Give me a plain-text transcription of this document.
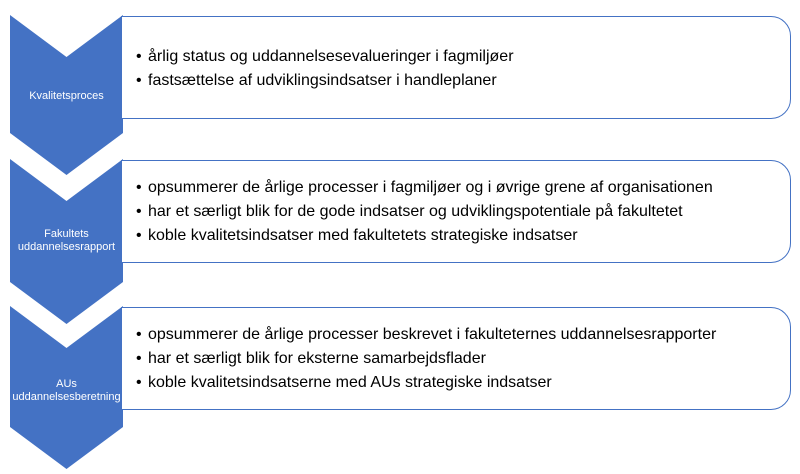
Kvalitetsproces
• årlig status og uddannelsesevalueringer i fagmiljøer
• fastsættelse af udviklingsindsatser i handleplaner
Fakultets
uddannelsesrapport
• opsummerer de årlige processer i fagmiljøer og i øvrige grene af organisationen
• har et særligt blik for de gode indsatser og udviklingspotentiale på fakultetet
• koble kvalitetsindsatser med fakultetets strategiske indsatser
AUs
uddannelsesberetning
• opsummerer de årlige processer beskrevet i fakulteternes uddannelsesrapporter
• har et særligt blik for eksterne samarbejdsflader
• koble kvalitetsindsatserne med AUs strategiske indsatser
